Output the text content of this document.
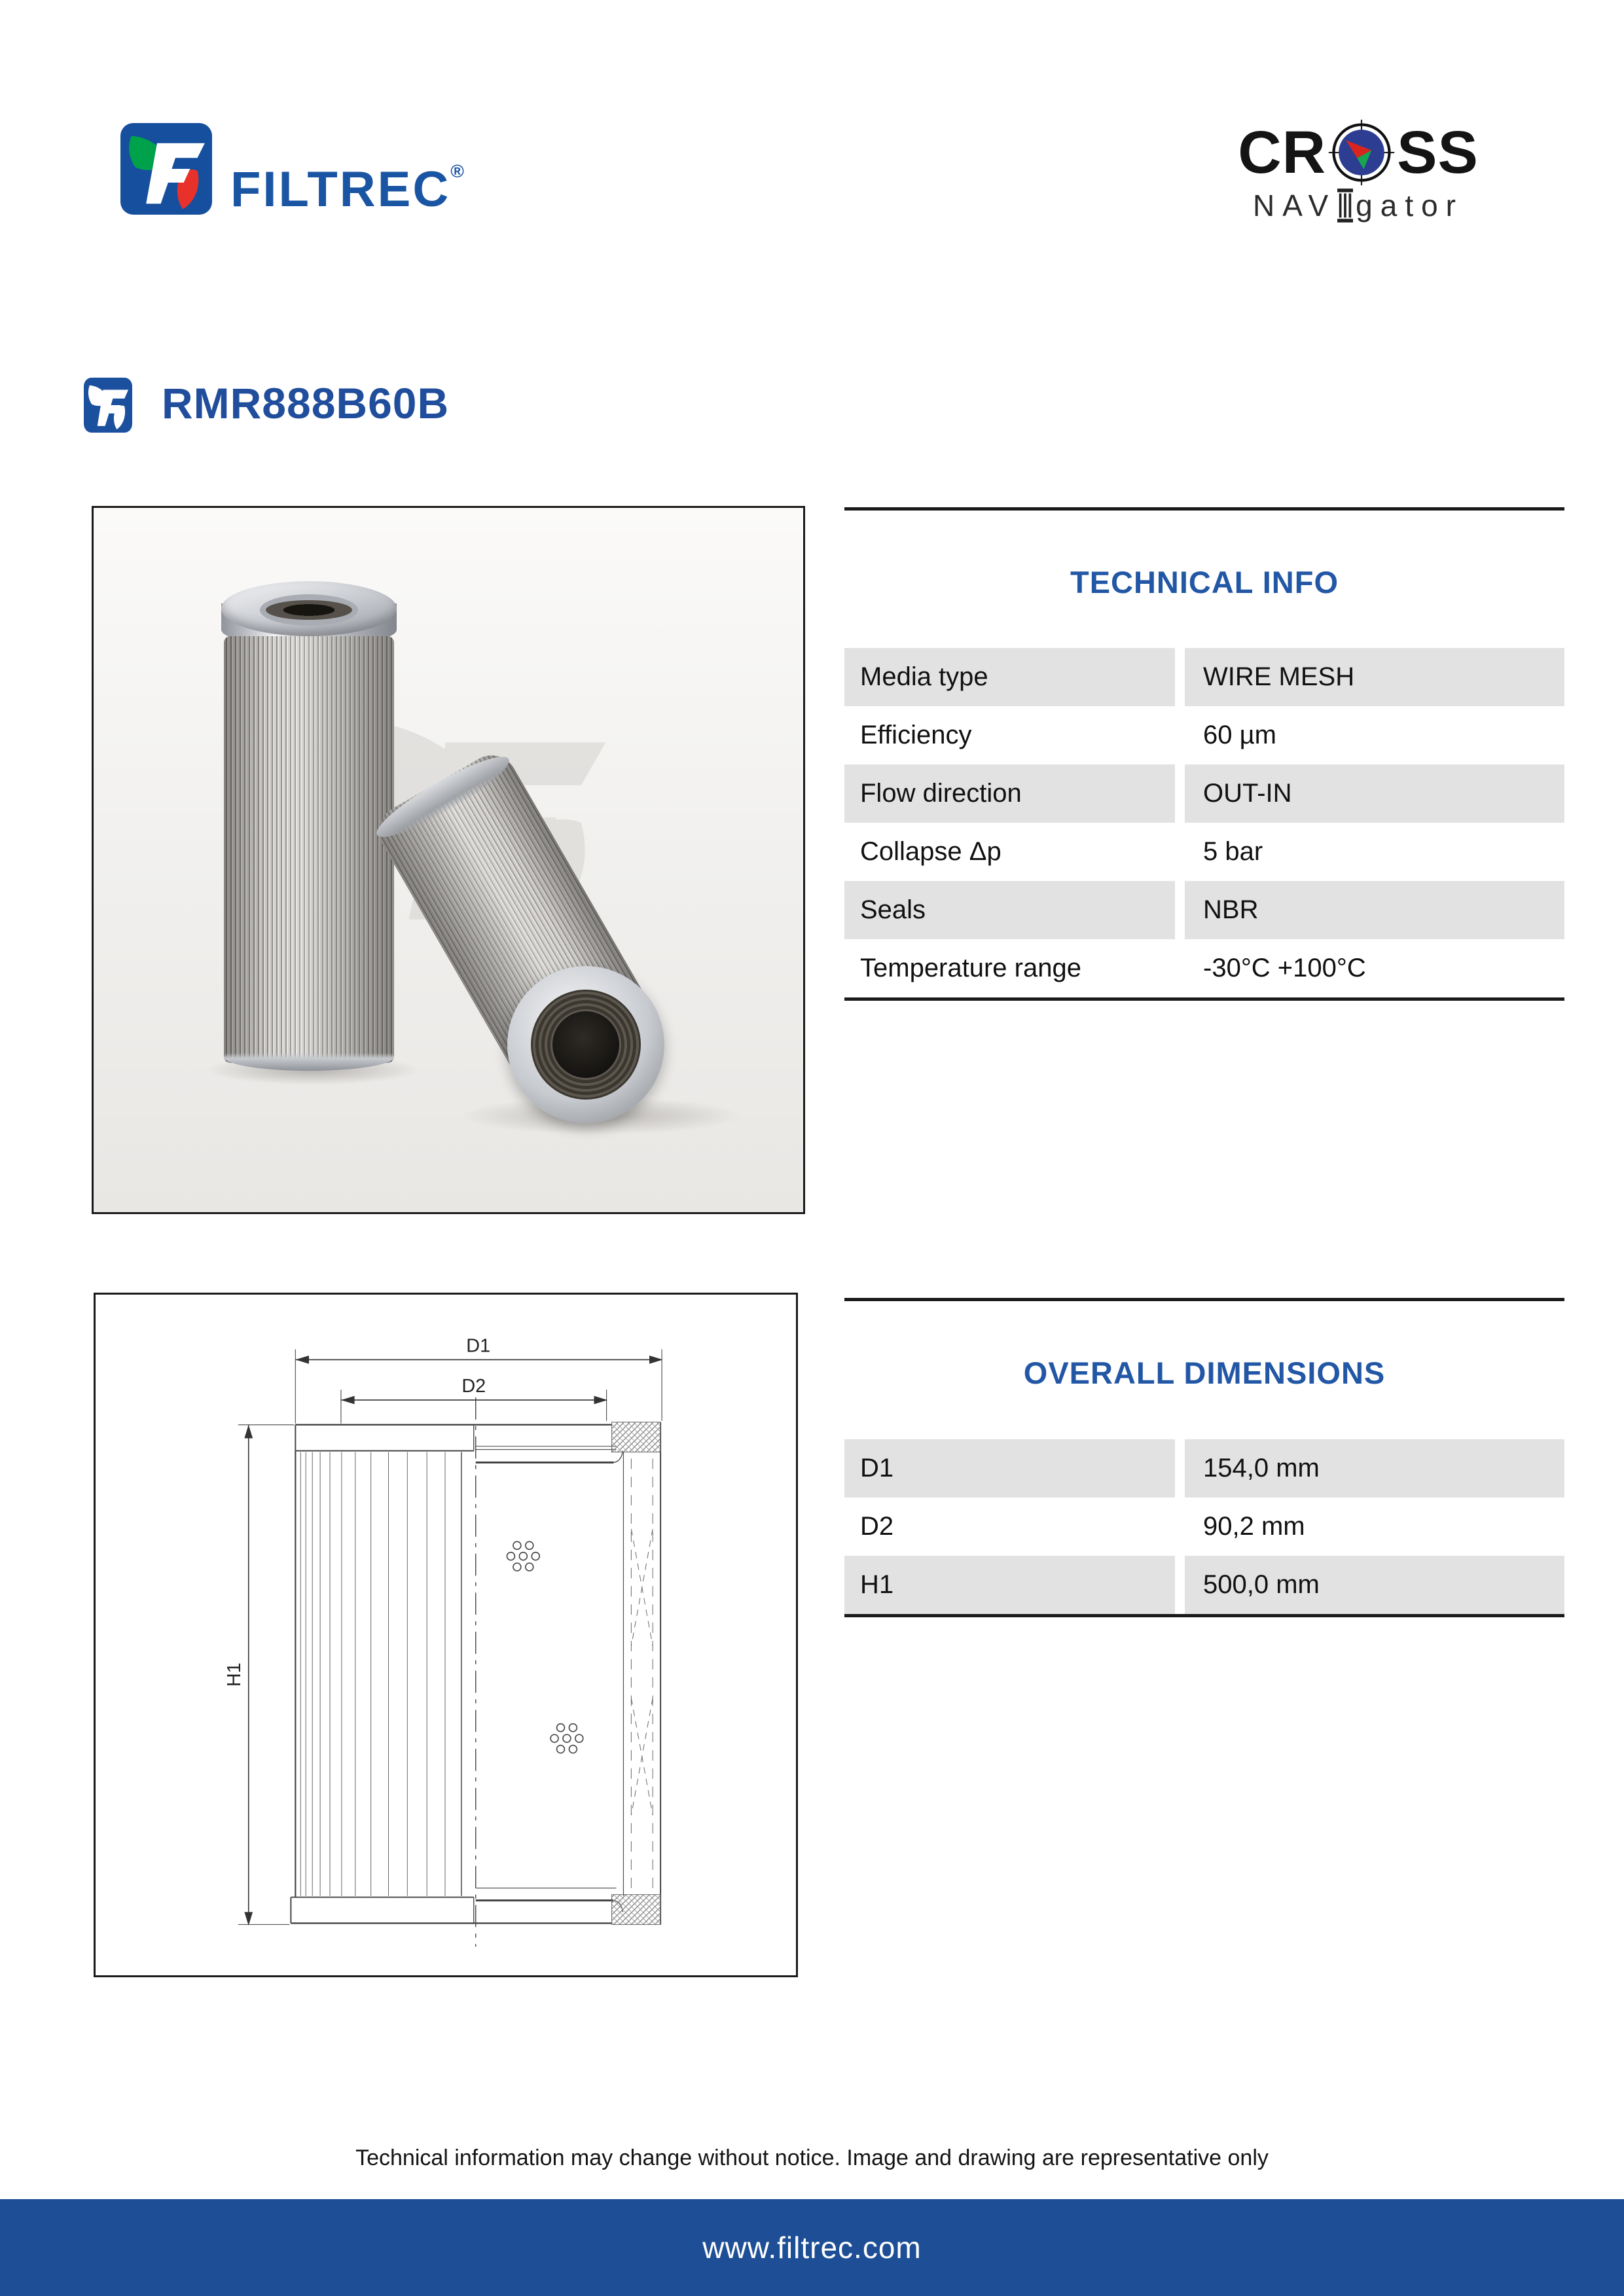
FILTREC®	CR SS
NAV gator
RMR888B60B
TECHNICAL INFO
Media type	WIRE MESH
Efficiency	60 µm
Flow direction	OUT-IN
Collapse Δp	5 bar
Seals	NBR
Temperature range	-30°C +100°C
D1
D2
H1
OVERALL DIMENSIONS
D1	154,0 mm
D2	90,2 mm
H1	500,0 mm
Technical information may change without notice. Image and drawing are representative only
www.filtrec.com
